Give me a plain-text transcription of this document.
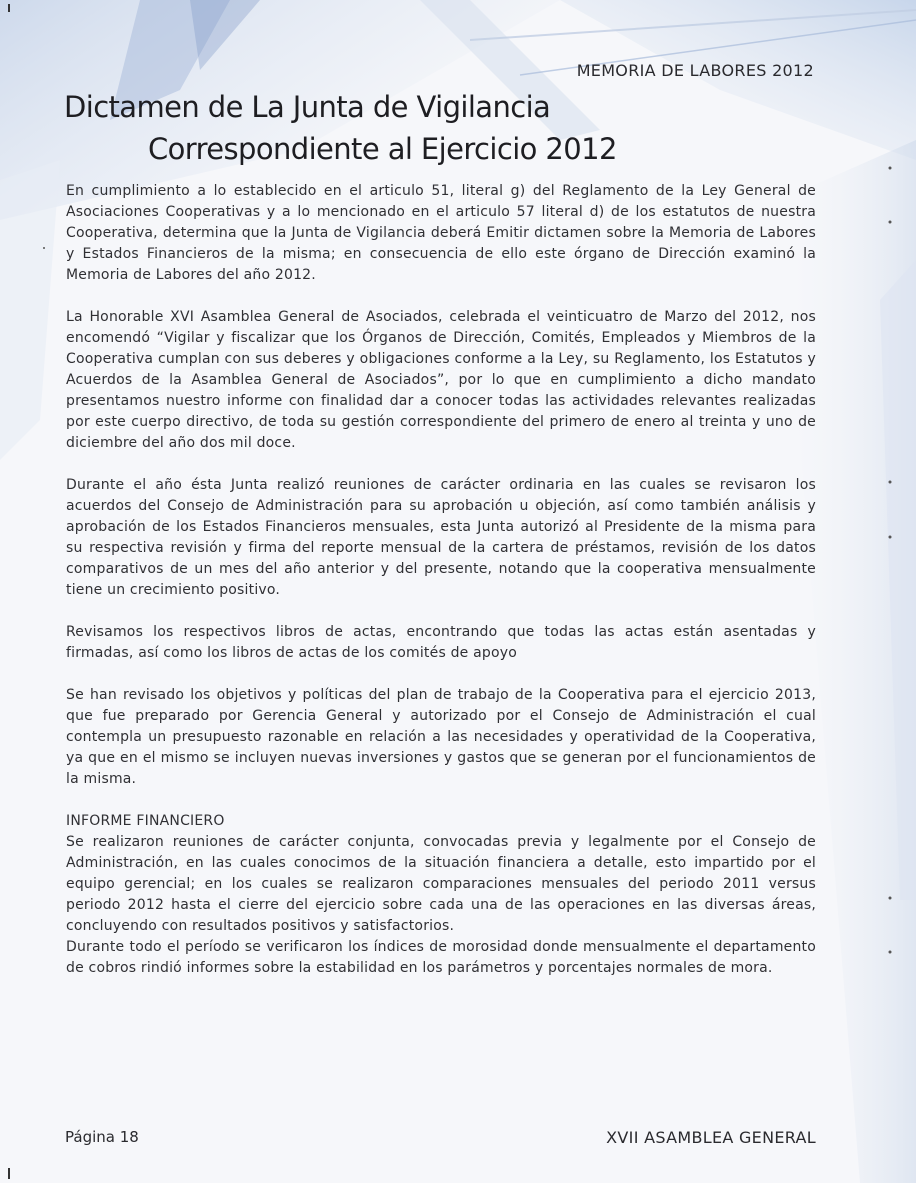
MEMORIA DE LABORES 2012

Dictamen de La Junta de Vigilancia
Correspondiente al Ejercicio 2012

En cumplimiento a lo establecido en el articulo 51, literal g) del Reglamento de la Ley General de Asociaciones Cooperativas y a lo mencionado en el articulo 57 literal d) de los estatutos de nuestra Cooperativa, determina que la Junta de Vigilancia deberá Emitir dictamen sobre la Memoria de Labores y Estados Financieros de la misma; en consecuencia de ello este órgano de Dirección examinó la Memoria de Labores del año 2012.

La Honorable XVI Asamblea General de Asociados, celebrada el veinticuatro de Marzo del 2012, nos encomendó “Vigilar y fiscalizar que los Órganos de Dirección, Comités, Empleados y Miembros de la Cooperativa cumplan con sus deberes y obligaciones conforme a la Ley, su Reglamento, los Estatutos y Acuerdos de la Asamblea General de Asociados”, por lo que en cumplimiento a dicho mandato presentamos nuestro informe con finalidad dar a conocer todas las actividades relevantes realizadas por este cuerpo directivo, de toda su gestión correspondiente del primero de enero al treinta y uno de diciembre del año dos mil doce.

Durante el año ésta Junta realizó reuniones de carácter ordinaria en las cuales se revisaron los acuerdos del Consejo de Administración para su aprobación u objeción, así como también análisis y aprobación de los Estados Financieros mensuales, esta Junta autorizó al Presidente de la misma para su respectiva revisión y firma del reporte mensual de la cartera de préstamos, revisión de los datos comparativos de un mes del año anterior y del presente, notando que la cooperativa mensualmente tiene un crecimiento positivo.

Revisamos los respectivos libros de actas, encontrando que todas las actas están asentadas y firmadas, así como los libros de actas de los comités de apoyo

Se han revisado los objetivos y políticas del plan de trabajo de la Cooperativa para el ejercicio 2013, que fue preparado por Gerencia General y autorizado por el Consejo de Administración el cual contempla un presupuesto razonable en relación a las necesidades y operatividad de la Cooperativa, ya que en el mismo se incluyen nuevas inversiones y gastos que se generan por el funcionamientos de la misma.

INFORME FINANCIERO

Se realizaron reuniones de carácter conjunta, convocadas previa y legalmente por el Consejo de Administración, en las cuales conocimos de la situación financiera a detalle, esto impartido por el equipo gerencial; en los cuales se realizaron comparaciones mensuales del periodo 2011 versus periodo 2012 hasta el cierre del ejercicio sobre cada una de las operaciones en las diversas áreas, concluyendo con resultados positivos y satisfactorios.

Durante todo el período se verificaron los índices de morosidad donde mensualmente el departamento de cobros rindió informes sobre la estabilidad en los parámetros y porcentajes normales de mora.

Página 18	XVII ASAMBLEA GENERAL
